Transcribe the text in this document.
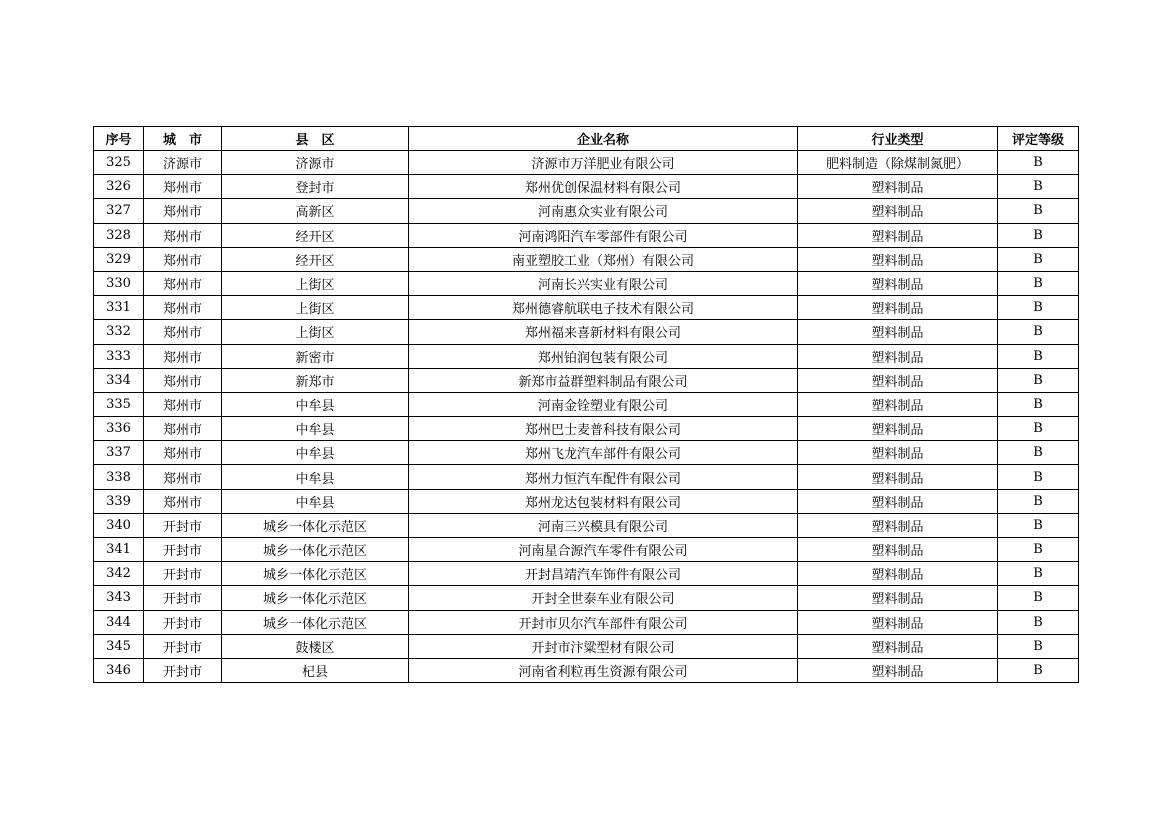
序号	城　市	县　区	企业名称	行业类型	评定等级
325	济源市	济源市	济源市万洋肥业有限公司	肥料制造（除煤制氮肥）	B
326	郑州市	登封市	郑州优创保温材料有限公司	塑料制品	B
327	郑州市	高新区	河南惠众实业有限公司	塑料制品	B
328	郑州市	经开区	河南鸿阳汽车零部件有限公司	塑料制品	B
329	郑州市	经开区	南亚塑胶工业（郑州）有限公司	塑料制品	B
330	郑州市	上街区	河南长兴实业有限公司	塑料制品	B
331	郑州市	上街区	郑州德睿航联电子技术有限公司	塑料制品	B
332	郑州市	上街区	郑州福来喜新材料有限公司	塑料制品	B
333	郑州市	新密市	郑州铂润包装有限公司	塑料制品	B
334	郑州市	新郑市	新郑市益群塑料制品有限公司	塑料制品	B
335	郑州市	中牟县	河南金铨塑业有限公司	塑料制品	B
336	郑州市	中牟县	郑州巴士麦普科技有限公司	塑料制品	B
337	郑州市	中牟县	郑州飞龙汽车部件有限公司	塑料制品	B
338	郑州市	中牟县	郑州力恒汽车配件有限公司	塑料制品	B
339	郑州市	中牟县	郑州龙达包装材料有限公司	塑料制品	B
340	开封市	城乡一体化示范区	河南三兴模具有限公司	塑料制品	B
341	开封市	城乡一体化示范区	河南星合源汽车零件有限公司	塑料制品	B
342	开封市	城乡一体化示范区	开封昌靖汽车饰件有限公司	塑料制品	B
343	开封市	城乡一体化示范区	开封全世泰车业有限公司	塑料制品	B
344	开封市	城乡一体化示范区	开封市贝尔汽车部件有限公司	塑料制品	B
345	开封市	鼓楼区	开封市汴粱型材有限公司	塑料制品	B
346	开封市	杞县	河南省利粒再生资源有限公司	塑料制品	B
